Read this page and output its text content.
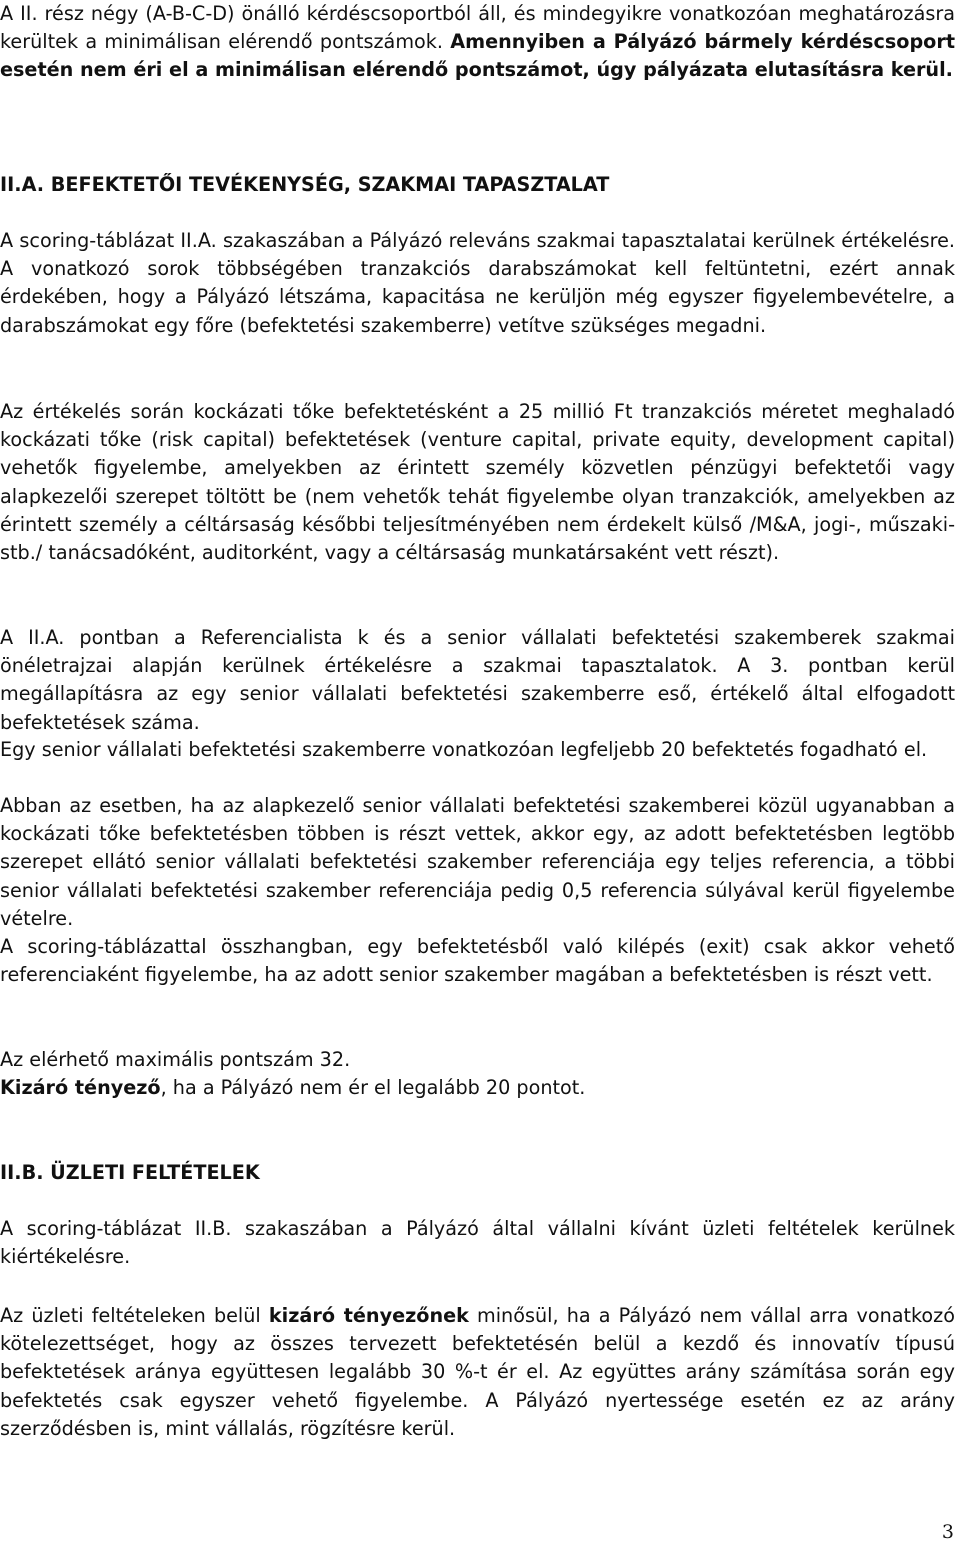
A II. rész négy (A-B-C-D) önálló kérdéscsoportból áll, és mindegyikre vonatkozóan meghatározásra kerültek a minimálisan elérendő pontszámok. Amennyiben a Pályázó bármely kérdéscsoport esetén nem éri el a minimálisan elérendő pontszámot, úgy pályázata elutasításra kerül.

II.A. BEFEKTETŐI TEVÉKENYSÉG, SZAKMAI TAPASZTALAT

A scoring-táblázat II.A. szakaszában a Pályázó releváns szakmai tapasztalatai kerülnek értékelésre. A vonatkozó sorok többségében tranzakciós darabszámokat kell feltüntetni, ezért annak érdekében, hogy a Pályázó létszáma, kapacitása ne kerüljön még egyszer figyelembevételre, a darabszámokat egy főre (befektetési szakemberre) vetítve szükséges megadni.

Az értékelés során kockázati tőke befektetésként a 25 millió Ft tranzakciós méretet meghaladó kockázati tőke (risk capital) befektetések (venture capital, private equity, development capital) vehetők figyelembe, amelyekben az érintett személy közvetlen pénzügyi befektetői vagy alapkezelői szerepet töltött be (nem vehetők tehát figyelembe olyan tranzakciók, amelyekben az érintett személy a céltársaság későbbi teljesítményében nem érdekelt külső /M&A, jogi-, műszaki-stb./ tanácsadóként, auditorként, vagy a céltársaság munkatársaként vett részt).

A II.A. pontban a Referencialista k és a senior vállalati befektetési szakemberek szakmai önéletrajzai alapján kerülnek értékelésre a szakmai tapasztalatok. A 3. pontban kerül megállapításra az egy senior vállalati befektetési szakemberre eső, értékelő által elfogadott befektetések száma.

Egy senior vállalati befektetési szakemberre vonatkozóan legfeljebb 20 befektetés fogadható el.

Abban az esetben, ha az alapkezelő senior vállalati befektetési szakemberei közül ugyanabban a kockázati tőke befektetésben többen is részt vettek, akkor egy, az adott befektetésben legtöbb szerepet ellátó senior vállalati befektetési szakember referenciája egy teljes referencia, a többi senior vállalati befektetési szakember referenciája pedig 0,5 referencia súlyával kerül figyelembe vételre.

A scoring-táblázattal összhangban, egy befektetésből való kilépés (exit) csak akkor vehető referenciaként figyelembe, ha az adott senior szakember magában a befektetésben is részt vett.

Az elérhető maximális pontszám 32.

Kizáró tényező, ha a Pályázó nem ér el legalább 20 pontot.

II.B. ÜZLETI FELTÉTELEK

A scoring-táblázat II.B. szakaszában a Pályázó által vállalni kívánt üzleti feltételek kerülnek kiértékelésre.

Az üzleti feltételeken belül kizáró tényezőnek minősül, ha a Pályázó nem vállal arra vonatkozó kötelezettséget, hogy az összes tervezett befektetésén belül a kezdő és innovatív típusú befektetések aránya együttesen legalább 30 %-t ér el. Az együttes arány számítása során egy befektetés csak egyszer vehető figyelembe. A Pályázó nyertessége esetén ez az arány szerződésben is, mint vállalás, rögzítésre kerül.

3
